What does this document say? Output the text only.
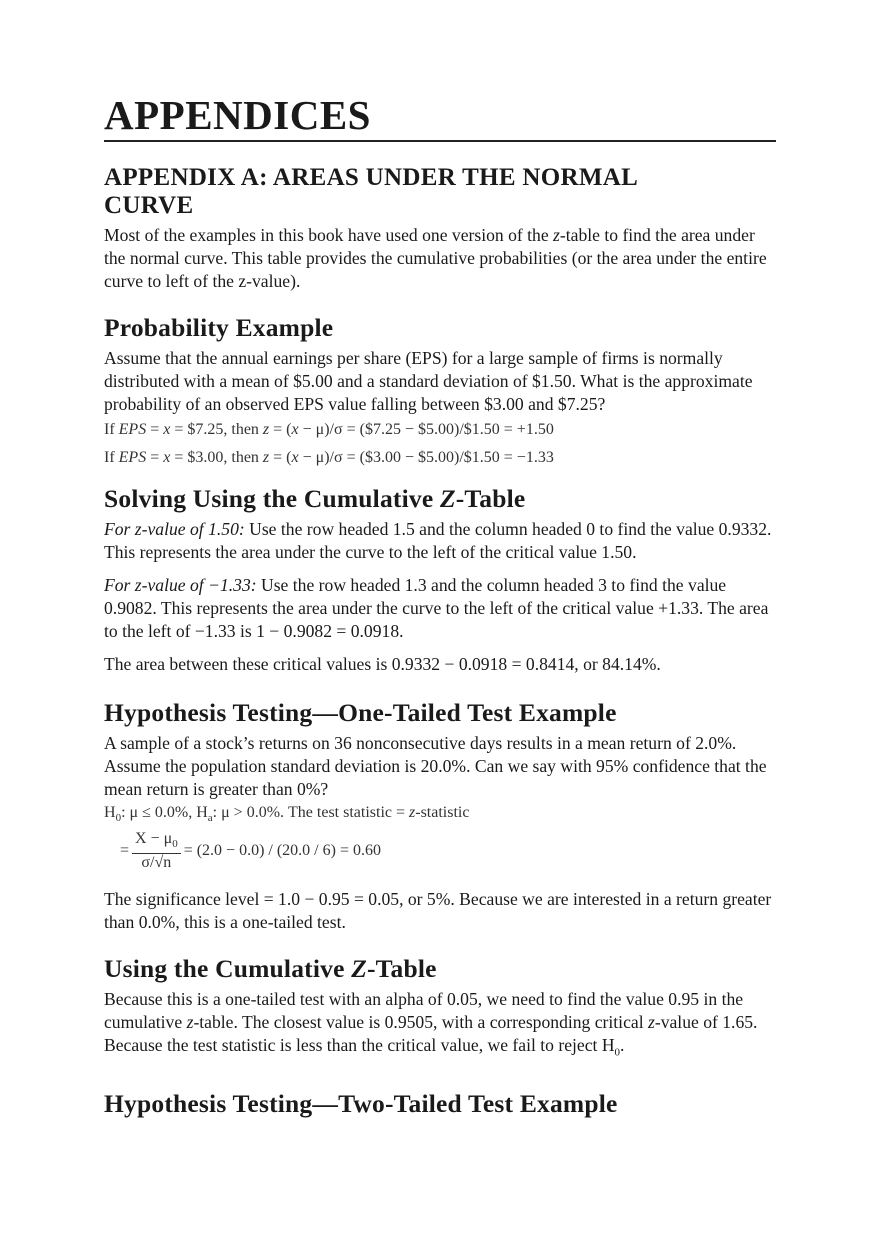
APPENDICES
APPENDIX A: AREAS UNDER THE NORMAL CURVE

Most of the examples in this book have used one version of the z-table to find the area under the normal curve. This table provides the cumulative probabilities (or the area under the entire curve to left of the z-value).

Probability Example

Assume that the annual earnings per share (EPS) for a large sample of firms is normally distributed with a mean of $5.00 and a standard deviation of $1.50. What is the approximate probability of an observed EPS value falling between $3.00 and $7.25?

If EPS = x = $7.25, then z = (x − μ)/σ = ($7.25 − $5.00)/$1.50 = +1.50
If EPS = x = $3.00, then z = (x − μ)/σ = ($3.00 − $5.00)/$1.50 = −1.33
Solving Using the Cumulative Z-Table

For z-value of 1.50: Use the row headed 1.5 and the column headed 0 to find the value 0.9332. This represents the area under the curve to the left of the critical value 1.50.

For z-value of −1.33: Use the row headed 1.3 and the column headed 3 to find the value 0.9082. This represents the area under the curve to the left of the critical value +1.33. The area to the left of −1.33 is 1 − 0.9082 = 0.0918.

The area between these critical values is 0.9332 − 0.0918 = 0.8414, or 84.14%.

Hypothesis Testing—One-Tailed Test Example

A sample of a stock’s returns on 36 nonconsecutive days results in a mean return of 2.0%. Assume the population standard deviation is 20.0%. Can we say with 95% confidence that the mean return is greater than 0%?

$H_0$: μ ≤ 0.0%, $H_a$: μ > 0.0%. The test statistic = z-statistic
= $\frac{X - \mu_0}{\sigma/√n} = (2.0 - 0.0) / (20.0 / 6) = 0.60$

The significance level = 1.0 − 0.95 = 0.05, or 5%. Because we are interested in a return greater than 0.0%, this is a one-tailed test.

Using the Cumulative Z-Table

Because this is a one-tailed test with an alpha of 0.05, we need to find the value 0.95 in the cumulative z-table. The closest value is 0.9505, with a corresponding critical z-value of 1.65. Because the test statistic is less than the critical value, we fail to reject $H_0$.

Hypothesis Testing—Two-Tailed Test Example
